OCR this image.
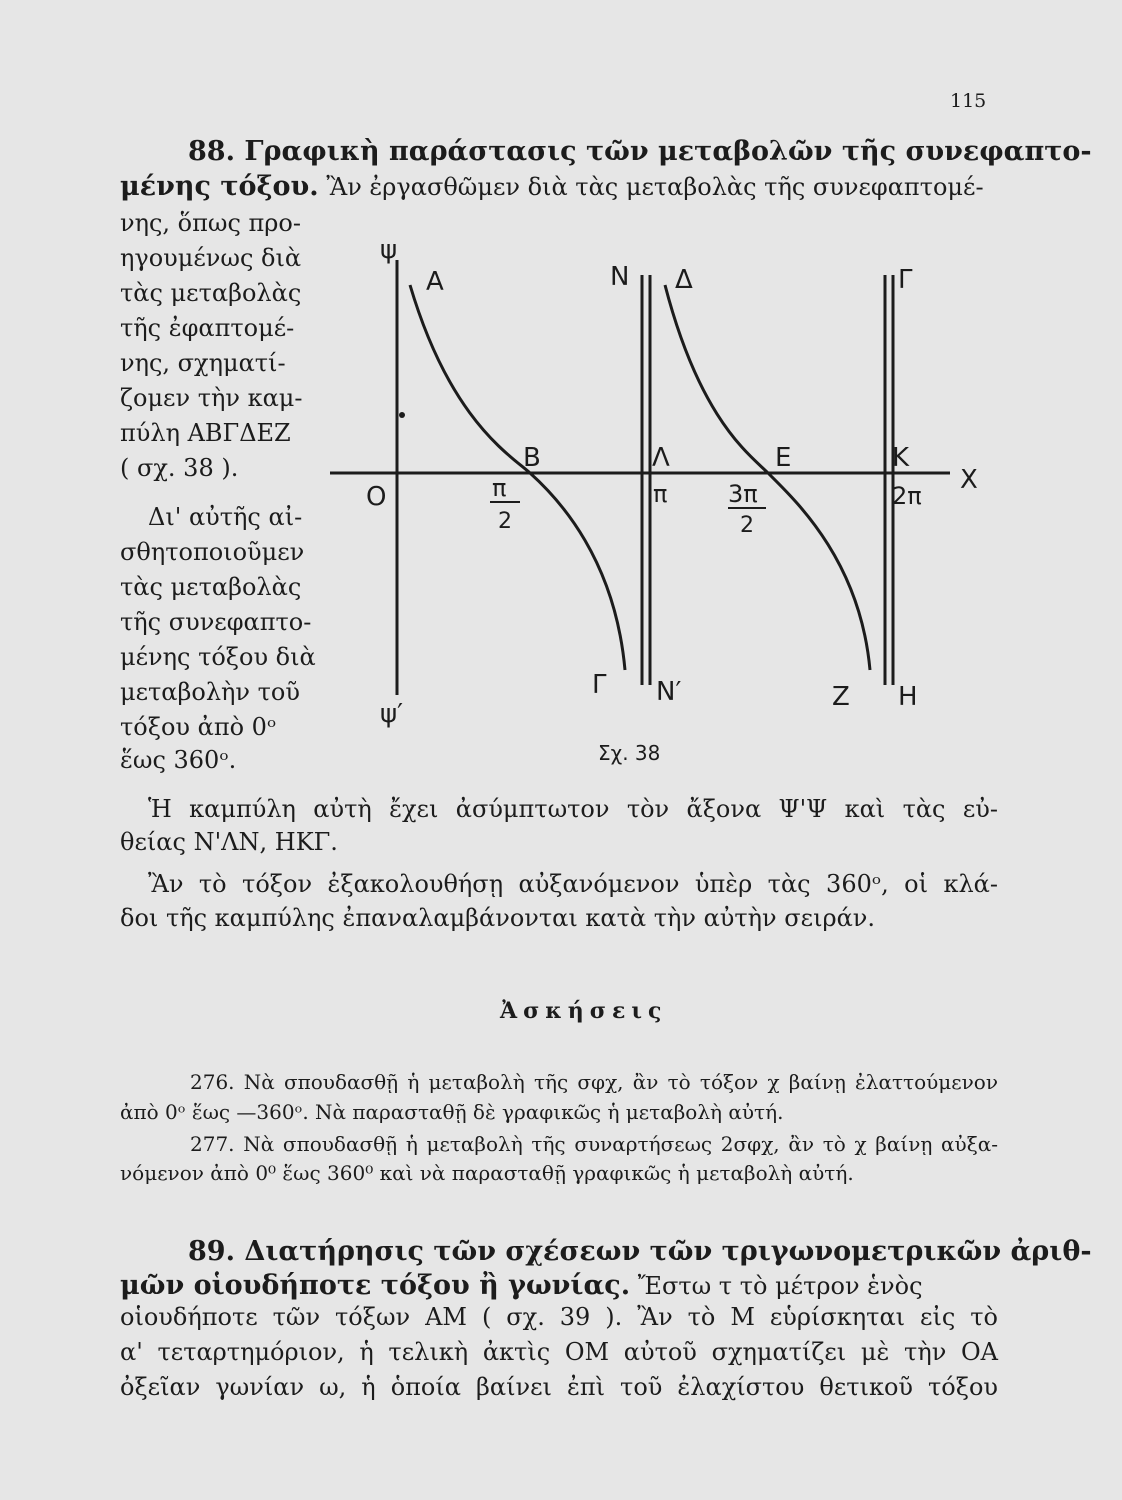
115
88. Γραφικὴ παράστασις τῶν μεταβολῶν τῆς συνεφαπτο-
μένης τόξου. Ἂν ἐργασθῶμεν διὰ τὰς μεταβολὰς τῆς συνεφαπτομέ-
νης, ὅπως προ-
ηγουμένως διὰ
τὰς μεταβολὰς
τῆς ἐφαπτομέ-
νης, σχηματί-
ζομεν τὴν καμ-
πύλη ΑΒΓΔΕΖ
( σχ. 38 ).
Δι' αὐτῆς αἰ-
σθητοποιοῦμεν
τὰς μεταβολὰς
τῆς συνεφαπτο-
μένης τόξου διὰ
μεταβολὴν τοῦ
τόξου ἀπὸ 0ᵒ
ἕως 360ᵒ.
ψ
ψ′
Α	Ν Δ	Γ
Β	Λ	Ε	Κ
Χ
Ο	π
2
π	3π
2
2π
Γ Ν′	Ζ Η
Σχ. 38
Ἡ καμπύλη αὐτὴ ἔχει ἀσύμπτωτον τὸν ἄξονα Ψ'Ψ καὶ τὰς εὐ-
θείας Ν'ΛΝ, ΗΚΓ.
Ἂν τὸ τόξον ἐξακολουθήσῃ αὐξανόμενον ὑπὲρ τὰς 360ᵒ, οἱ κλά-
δοι τῆς καμπύλης ἐπαναλαμβάνονται κατὰ τὴν αὐτὴν σειράν.
Ἀσκήσεις
276. Νὰ σπουδασθῇ ἡ μεταβολὴ τῆς σφχ, ἂν τὸ τόξον χ βαίνῃ ἐλαττούμενον
ἀπὸ 0ᵒ ἕως —360ᵒ. Νὰ παρασταθῇ δὲ γραφικῶς ἡ μεταβολὴ αὐτή.
277. Νὰ σπουδασθῇ ἡ μεταβολὴ τῆς συναρτήσεως 2σφχ, ἂν τὸ χ βαίνῃ αὐξα-
νόμενον ἀπὸ 0⁰ ἕως 360⁰ καὶ νὰ παρασταθῇ γραφικῶς ἡ μεταβολὴ αὐτή.
89. Διατήρησις τῶν σχέσεων τῶν τριγωνομετρικῶν ἀριθ-
μῶν οἱουδήποτε τόξου ἢ γωνίας. Ἔστω τ τὸ μέτρον ἑνὸς
οἱουδήποτε τῶν τόξων ΑΜ ( σχ. 39 ). Ἂν τὸ Μ εὑρίσκηται εἰς τὸ
α' τεταρτημόριον, ἡ τελικὴ ἀκτὶς ΟΜ αὐτοῦ σχηματίζει μὲ τὴν ΟΑ
ὀξεῖαν γωνίαν ω, ἡ ὁποία βαίνει ἐπὶ τοῦ ἐλαχίστου θετικοῦ τόξου
